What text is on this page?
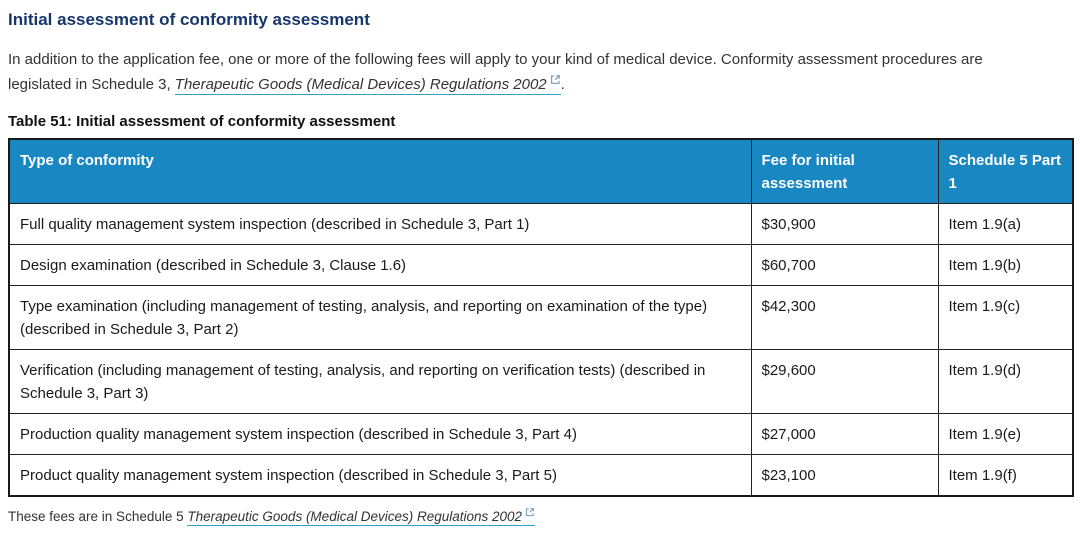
Initial assessment of conformity assessment

In addition to the application fee, one or more of the following fees will apply to your kind of medical device. Conformity assessment procedures are legislated in Schedule 3, Therapeutic Goods (Medical Devices) Regulations 2002 .

Table 51: Initial assessment of conformity assessment

Type of conformity	Fee for initial assessment	Schedule 5 Part 1
Full quality management system inspection (described in Schedule 3, Part 1)	$30,900	Item 1.9(a)
Design examination (described in Schedule 3, Clause 1.6)	$60,700	Item 1.9(b)
Type examination (including management of testing, analysis, and reporting on examination of the type) (described in Schedule 3, Part 2)	$42,300	Item 1.9(c)
Verification (including management of testing, analysis, and reporting on verification tests) (described in Schedule 3, Part 3)	$29,600	Item 1.9(d)
Production quality management system inspection (described in Schedule 3, Part 4)	$27,000	Item 1.9(e)
Product quality management system inspection (described in Schedule 3, Part 5)	$23,100	Item 1.9(f)

These fees are in Schedule 5 Therapeutic Goods (Medical Devices) Regulations 2002
